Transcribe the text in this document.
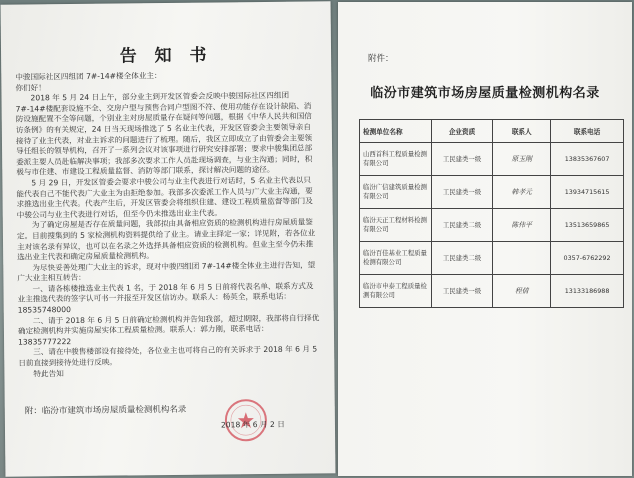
告 知 书

中骏国际社区四组团 7#-14#楼全体业主：

你们好！

2018 年 5 月 24 日上午，部分业主到开发区管委会反映中骏国际社区四组团 7#-14#楼配套设施不全、交房户型与预售合同户型图不符、使用功能存在设计缺陷、消防设施配置不全等问题，个别业主对房屋质量存在疑问等问题，根据《中华人民共和国信访条例》的有关规定，24 日当天现场推选了 5 名业主代表，开发区管委会主要领导亲自接待了业主代表，对业主诉求的问题进行了梳理。随后，我区立即成立了由管委会主要领导任组长的领导机构，召开了一系列会议对该事项进行研究安排部署；要求中骏集团总部委派主要人员赴临解决事项；我部多次要求工作人员赴现场调查，与业主沟通；同时，积极与市住建、市建设工程质量监督、消防等部门联系，探讨解决问题的途径。

5 月 29 日，开发区管委会要求中骏公司与业主代表进行对话时，5 名业主代表以只能代表自己不能代表广大业主为由拒绝参加。我部多次委派工作人员与广大业主沟通，要求推选出业主代表。代表产生后，开发区管委会将组织住建、建设工程质量监督等部门及中骏公司与业主代表进行对话，但至今仍未推选出业主代表。

为了确定房屋是否存在质量问题，我部拟由具备相应资质的检测机构进行房屋质量鉴定。目前搜集到的 5 家检测机构资料提供给了业主。请业主择定一家；详见附，若各位业主对该名录有异议，也可以在名录之外选择具备相应资质的检测机构。但业主至今仍未推选出业主代表和确定房屋质量检测机构。

为尽快妥善处理广大业主的诉求，现对中骏四组团 7#-14#楼全体业主进行告知，望广大业主相互转告：

一、请各栋楼推选业主代表 1 名，于 2018 年 6 月 5 日前将代表名单、联系方式及业主推选代表的签字认可书一并报至开发区信访办。联系人：杨英全，联系电话：18535748000

二、请于 2018 年 6 月 5 日前确定检测机构并告知我部，超过期限，我部将自行择优确定检测机构并实施房屋实体工程质量检测。联系人：郭力刚，联系电话：13835777222

三、请在中骏售楼部设有接待处，各位业主也可将自己的有关诉求于 2018 年 6 月 5 日前直接到接待处进行反映。

特此告知

附：临汾市建筑市场房屋质量检测机构名录
2018 年 6 月 2 日
附件：
临汾市建筑市场房屋质量检测机构名录
检测单位名称	企业资质	联系人	联系电话
山西首科工程质量检测有限公司	工民建类一级	原玉刚	13835367607
临汾广信建筑质量检测有限公司	工民建类一级	韩孝元	13934715615
临汾天正工程材料检测有限公司	工民建类二级	陈伟平	13513659865
临汾百佳基业工程质量检测有限公司	工民建类二级		0357-6762292
临汾市申泰工程质量检测有限公司	工民建类一级	程倩	13133186988
